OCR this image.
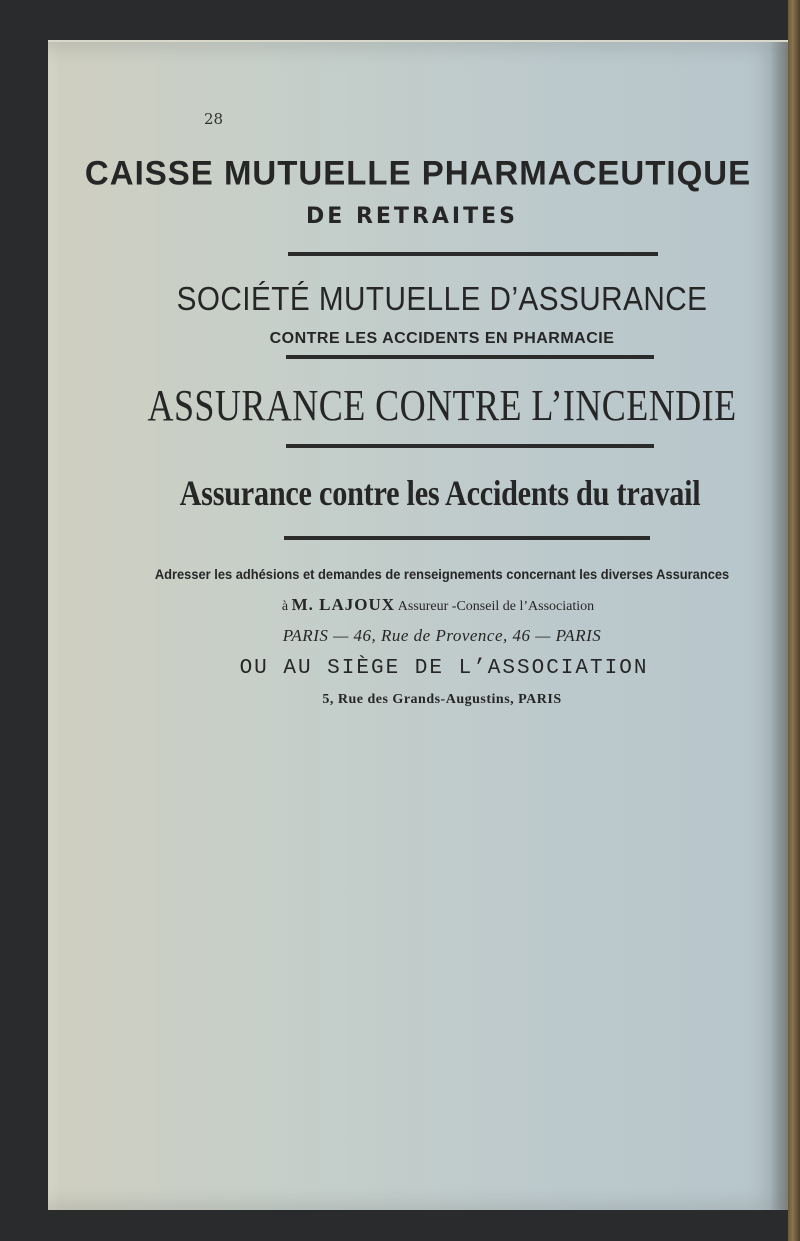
28
CAISSE MUTUELLE PHARMACEUTIQUE
DE RETRAITES
SOCIÉTÉ MUTUELLE D’ASSURANCE
CONTRE LES ACCIDENTS EN PHARMACIE
ASSURANCE CONTRE L’INCENDIE
Assurance contre les Accidents du travail
Adresser les adhésions et demandes de renseignements concernant les diverses Assurances
à M. LAJOUX Assureur -Conseil de l’Association
PARIS — 46, Rue de Provence, 46 — PARIS
OU AU SIÈGE DE L’ASSOCIATION
5, Rue des Grands-Augustins, PARIS
